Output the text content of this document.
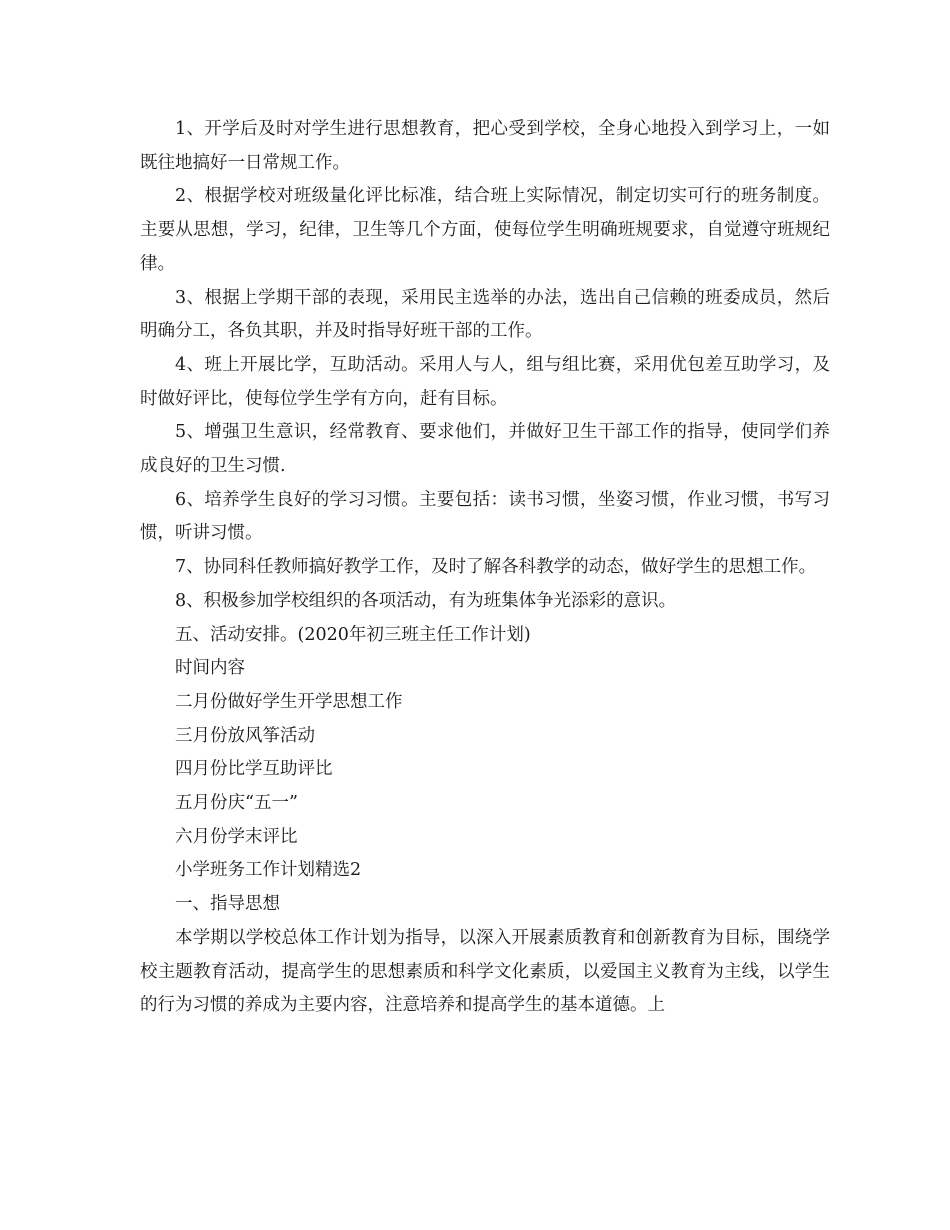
1、开学后及时对学生进行思想教育，把心受到学校，全身心地投入到学习上，一如既往地搞好一日常规工作。

2、根据学校对班级量化评比标准，结合班上实际情况，制定切实可行的班务制度。主要从思想，学习，纪律，卫生等几个方面，使每位学生明确班规要求，自觉遵守班规纪律。

3、根据上学期干部的表现，采用民主选举的办法，选出自己信赖的班委成员，然后明确分工，各负其职，并及时指导好班干部的工作。

4、班上开展比学，互助活动。采用人与人，组与组比赛，采用优包差互助学习，及时做好评比，使每位学生学有方向，赶有目标。

5、增强卫生意识，经常教育、要求他们，并做好卫生干部工作的指导，使同学们养成良好的卫生习惯.

6、培养学生良好的学习习惯。主要包括：读书习惯，坐姿习惯，作业习惯，书写习惯，听讲习惯。

7、协同科任教师搞好教学工作，及时了解各科教学的动态，做好学生的思想工作。

8、积极参加学校组织的各项活动，有为班集体争光添彩的意识。

五、活动安排。(2020年初三班主任工作计划)

时间内容

二月份做好学生开学思想工作

三月份放风筝活动

四月份比学互助评比

五月份庆“五一”

六月份学末评比

小学班务工作计划精选2

一、指导思想

本学期以学校总体工作计划为指导，以深入开展素质教育和创新教育为目标，围绕学校主题教育活动，提高学生的思想素质和科学文化素质，以爱国主义教育为主线，以学生的行为习惯的养成为主要内容，注意培养和提高学生的基本道德。上
